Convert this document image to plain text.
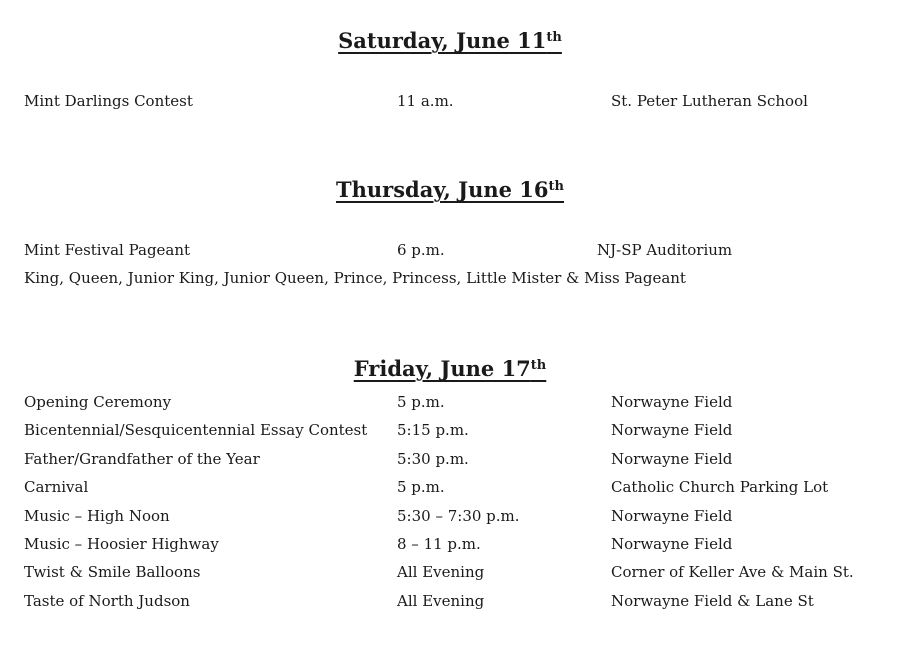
Saturday, June 11th
Mint Darlings Contest	11 a.m.	St. Peter Lutheran School
Thursday, June 16th
Mint Festival Pageant	6 p.m.	NJ-SP Auditorium
King, Queen, Junior King, Junior Queen, Prince, Princess, Little Mister & Miss Pageant
Friday, June 17th
Opening Ceremony	5 p.m.	Norwayne Field
Bicentennial/Sesquicentennial Essay Contest 5:15 p.m.	Norwayne Field
Father/Grandfather of the Year	5:30 p.m.	Norwayne Field
Carnival	5 p.m.	Catholic Church Parking Lot
Music – High Noon	5:30 – 7:30 p.m.	Norwayne Field
Music – Hoosier Highway	8 – 11 p.m.	Norwayne Field
Twist & Smile Balloons	All Evening	Corner of Keller Ave & Main St.
Taste of North Judson	All Evening	Norwayne Field & Lane St
